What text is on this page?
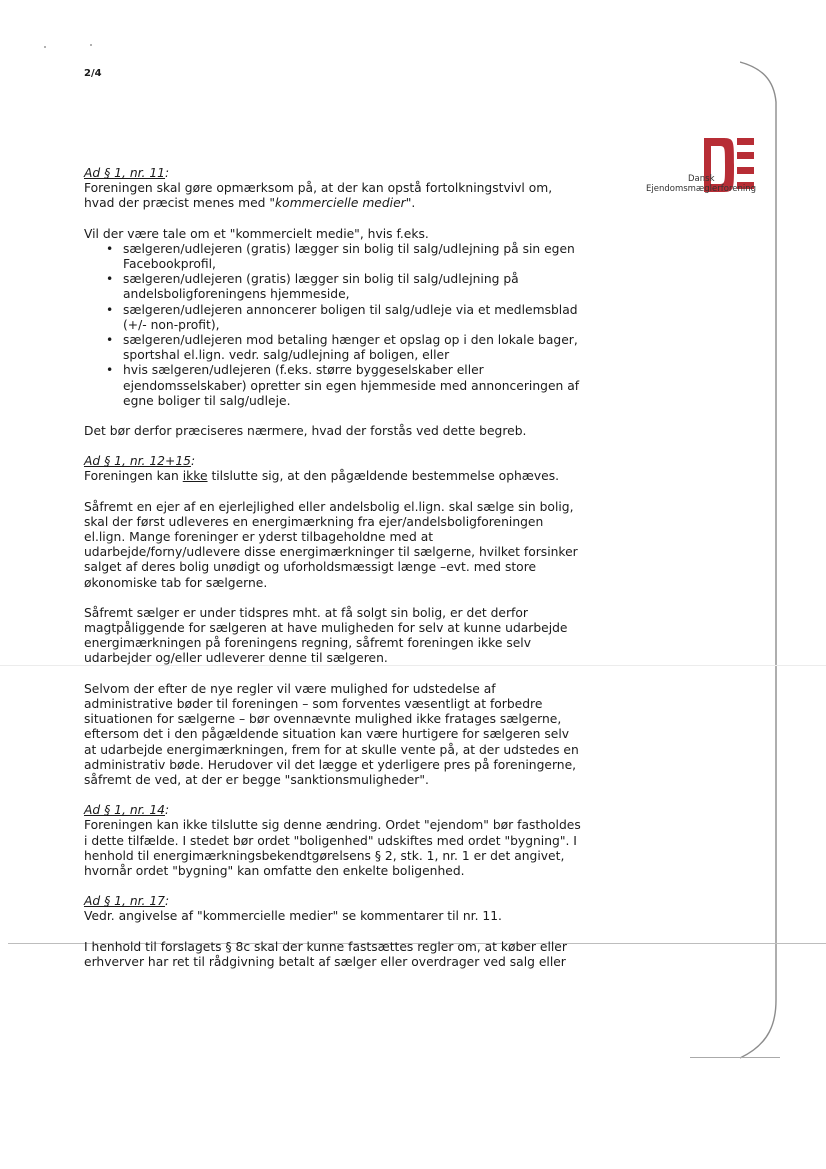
2/4
Dansk
Ejendomsmæglerforening

Ad § 1, nr. 11:

Foreningen skal gøre opmærksom på, at der kan opstå fortolkningstvivl om, hvad der præcist menes med "kommercielle medier".

Vil der være tale om et "kommercielt medie", hvis f.eks.

• sælgeren/udlejeren (gratis) lægger sin bolig til salg/udlejning på sin egen Facebookprofil,
• sælgeren/udlejeren (gratis) lægger sin bolig til salg/udlejning på andelsboligforeningens hjemmeside,
• sælgeren/udlejeren annoncerer boligen til salg/udleje via et medlemsblad (+/- non-profit),
• sælgeren/udlejeren mod betaling hænger et opslag op i den lokale bager, sportshal el.lign. vedr. salg/udlejning af boligen, eller
• hvis sælgeren/udlejeren (f.eks. større byggeselskaber eller ejendomsselskaber) opretter sin egen hjemmeside med annonceringen af egne boliger til salg/udleje.

Det bør derfor præciseres nærmere, hvad der forstås ved dette begreb.

Ad § 1, nr. 12+15:

Foreningen kan ikke tilslutte sig, at den pågældende bestemmelse ophæves.

Såfremt en ejer af en ejerlejlighed eller andelsbolig el.lign. skal sælge sin bolig, skal der først udleveres en energimærkning fra ejer/andelsboligforeningen el.lign. Mange foreninger er yderst tilbageholdne med at udarbejde/forny/udlevere disse energimærkninger til sælgerne, hvilket forsinker salget af deres bolig unødigt og uforholdsmæssigt længe –evt. med store økonomiske tab for sælgerne.

Såfremt sælger er under tidspres mht. at få solgt sin bolig, er det derfor magtpåliggende for sælgeren at have muligheden for selv at kunne udarbejde energimærkningen på foreningens regning, såfremt foreningen ikke selv udarbejder og/eller udleverer denne til sælgeren.

Selvom der efter de nye regler vil være mulighed for udstedelse af administrative bøder til foreningen – som forventes væsentligt at forbedre situationen for sælgerne – bør ovennævnte mulighed ikke fratages sælgerne, eftersom det i den pågældende situation kan være hurtigere for sælgeren selv at udarbejde energimærkningen, frem for at skulle vente på, at der udstedes en administrativ bøde. Herudover vil det lægge et yderligere pres på foreningerne, såfremt de ved, at der er begge "sanktionsmuligheder".

Ad § 1, nr. 14:

Foreningen kan ikke tilslutte sig denne ændring. Ordet "ejendom" bør fastholdes i dette tilfælde. I stedet bør ordet "boligenhed" udskiftes med ordet "bygning". I henhold til energimærkningsbekendtgørelsens § 2, stk. 1, nr. 1 er det angivet, hvornår ordet "bygning" kan omfatte den enkelte boligenhed.

Ad § 1, nr. 17:

Vedr. angivelse af "kommercielle medier" se kommentarer til nr. 11.

I henhold til forslagets § 8c skal der kunne fastsættes regler om, at køber eller erhverver har ret til rådgivning betalt af sælger eller overdrager ved salg eller
